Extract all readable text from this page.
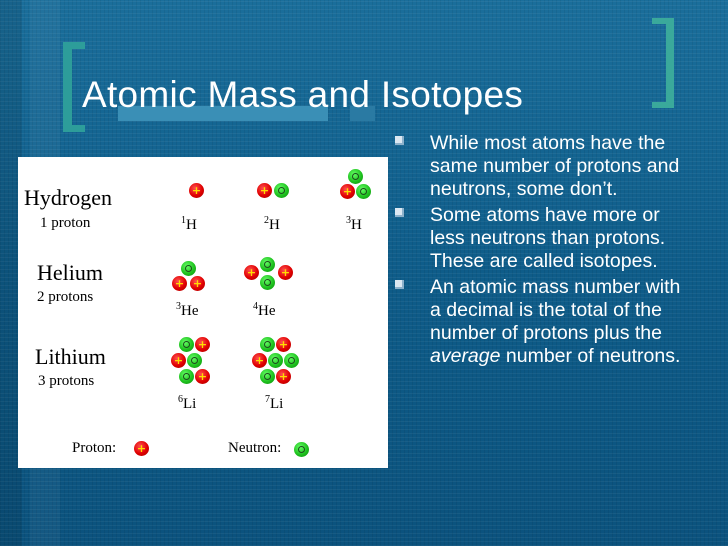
Atomic Mass and Isotopes
Hydrogen
1 proton
Helium
2 protons
Lithium
3 protons
+	+	+
$^1$H	$^2$H	$^3$H
+ +
+ +
$^3$He	$^4$He
+
+
+
+
+
+
$^6$Li	$^7$Li
Proton: +	Neutron:
While most atoms have the same number of protons and neutrons, some don’t.
Some atoms have more or less neutrons than protons. These are called isotopes.
An atomic mass number with a decimal is the total of the number of protons plus the average number of neutrons.
